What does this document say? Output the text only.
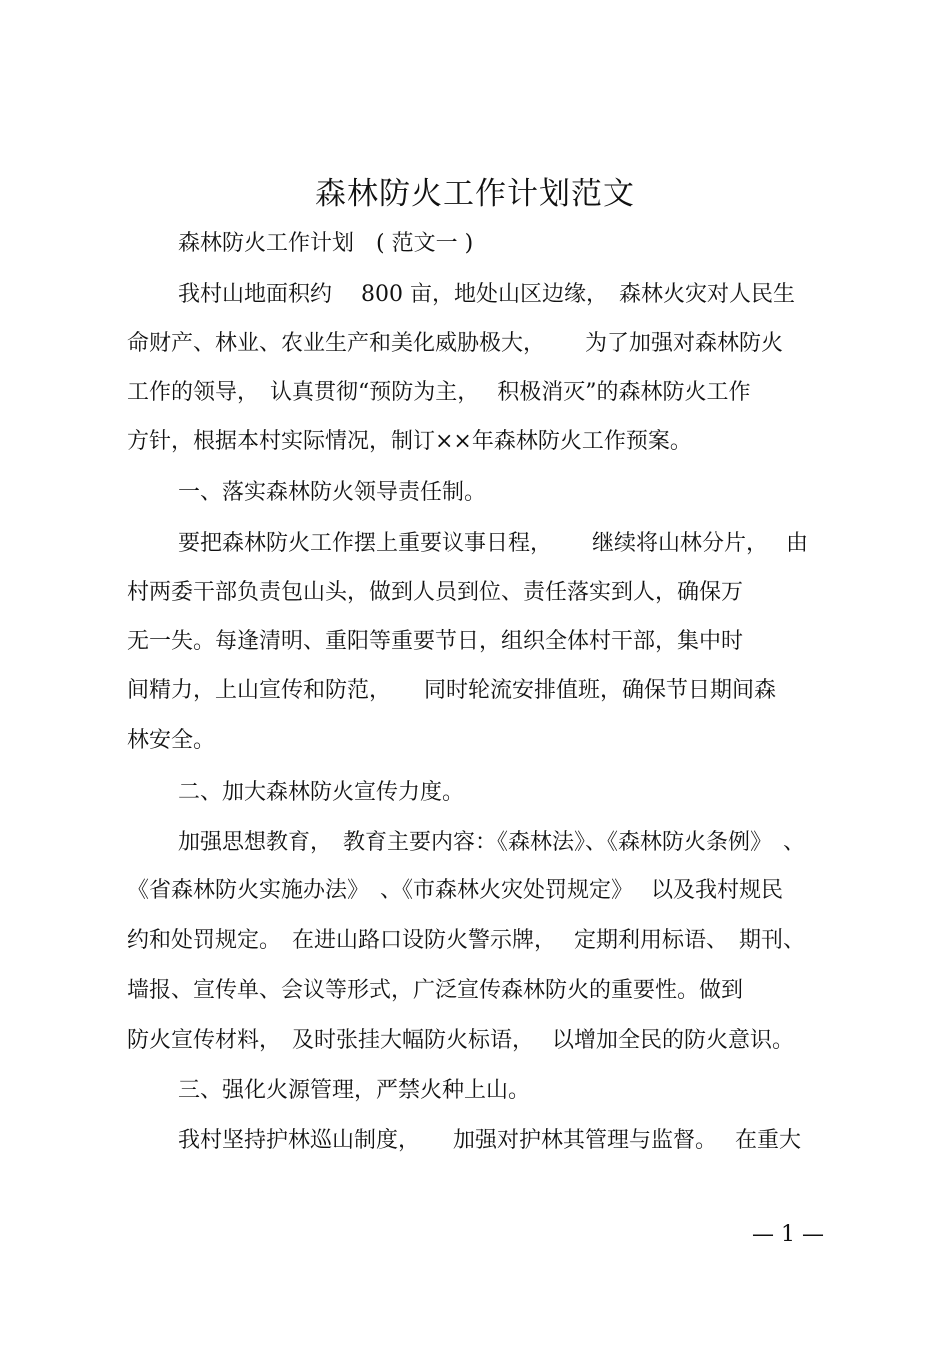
森林防火工作计划范文
森林防火工作计划　( 范文一 )
我村山地面积约　 800 亩，地处山区边缘，　森林火灾对人民生
命财产、林业、农业生产和美化威胁极大，　　 为了加强对森林防火
工作的领导，　认真贯彻“预防为主，　 积极消灭”的森林防火工作
方针，根据本村实际情况，制订××年森林防火工作预案。
一、落实森林防火领导责任制。
要把森林防火工作摆上重要议事日程，　　 继续将山林分片，　 由
村两委干部负责包山头，做到人员到位、责任落实到人，确保万
无一失。每逢清明、重阳等重要节日，组织全体村干部，集中时
间精力，上山宣传和防范，　　同时轮流安排值班，确保节日期间森
林安全。
二、加大森林防火宣传力度。
加强思想教育，　教育主要内容：《森林法》、《森林防火条例》　、
《省森林防火实施办法》　、《市森林火灾处罚规定》　 以及我村规民
约和处罚规定。　在进山路口设防火警示牌，　 定期利用标语、　期刊、
墙报、宣传单、会议等形式，广泛宣传森林防火的重要性。做到
防火宣传材料，　及时张挂大幅防火标语，　 以增加全民的防火意识。
三、强化火源管理，严禁火种上山。
我村坚持护林巡山制度，　　加强对护林其管理与监督。　 在重大
— 1 —
